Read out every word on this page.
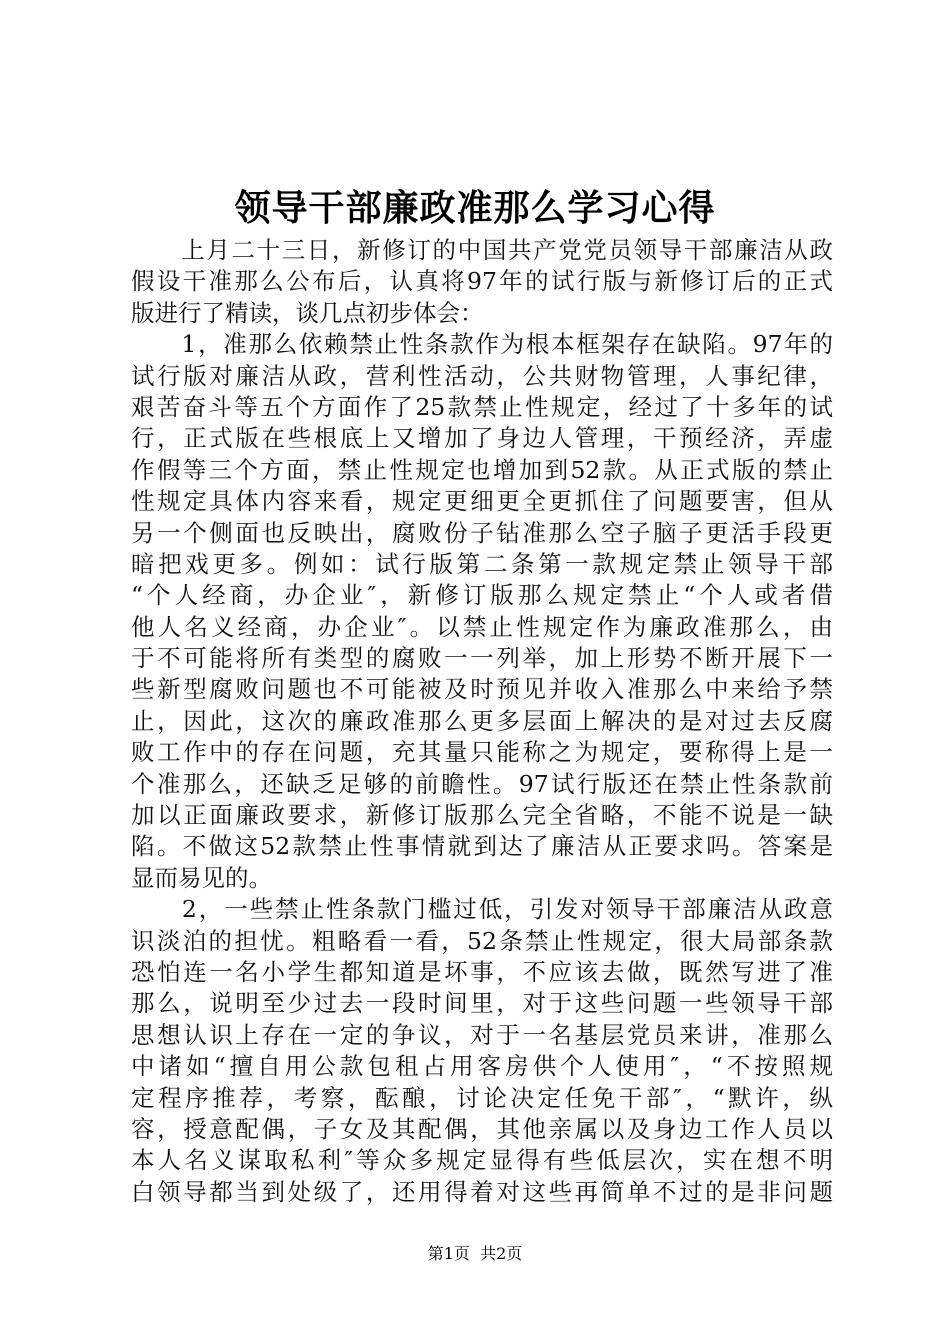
领导干部廉政准那么学习心得
　　上月二十三日，新修订的中国共产党党员领导干部廉洁从政
假设干准那么公布后，认真将97年的试行版与新修订后的正式
版进行了精读，谈几点初步体会：
　　1，准那么依赖禁止性条款作为根本框架存在缺陷。97年的
试行版对廉洁从政，营利性活动，公共财物管理，人事纪律，
艰苦奋斗等五个方面作了25款禁止性规定，经过了十多年的试
行，正式版在些根底上又增加了身边人管理，干预经济，弄虚
作假等三个方面，禁止性规定也增加到52款。从正式版的禁止
性规定具体内容来看，规定更细更全更抓住了问题要害，但从
另一个侧面也反映出，腐败份子钻准那么空子脑子更活手段更
暗把戏更多。例如：试行版第二条第一款规定禁止领导干部
“个人经商，办企业″，新修订版那么规定禁止“个人或者借
他人名义经商，办企业″。以禁止性规定作为廉政准那么，由
于不可能将所有类型的腐败一一列举，加上形势不断开展下一
些新型腐败问题也不可能被及时预见并收入准那么中来给予禁
止，因此，这次的廉政准那么更多层面上解决的是对过去反腐
败工作中的存在问题，充其量只能称之为规定，要称得上是一
个准那么，还缺乏足够的前瞻性。97试行版还在禁止性条款前
加以正面廉政要求，新修订版那么完全省略，不能不说是一缺
陷。不做这52款禁止性事情就到达了廉洁从正要求吗。答案是
显而易见的。
　　2，一些禁止性条款门槛过低，引发对领导干部廉洁从政意
识淡泊的担忧。粗略看一看，52条禁止性规定，很大局部条款
恐怕连一名小学生都知道是坏事，不应该去做，既然写进了准
那么，说明至少过去一段时间里，对于这些问题一些领导干部
思想认识上存在一定的争议，对于一名基层党员来讲，准那么
中诸如“擅自用公款包租占用客房供个人使用″，“不按照规
定程序推荐，考察，酝酿，讨论决定任免干部″，“默许，纵
容，授意配偶，子女及其配偶，其他亲属以及身边工作人员以
本人名义谋取私利″等众多规定显得有些低层次，实在想不明
白领导都当到处级了，还用得着对这些再简单不过的是非问题
第1页  共2页
